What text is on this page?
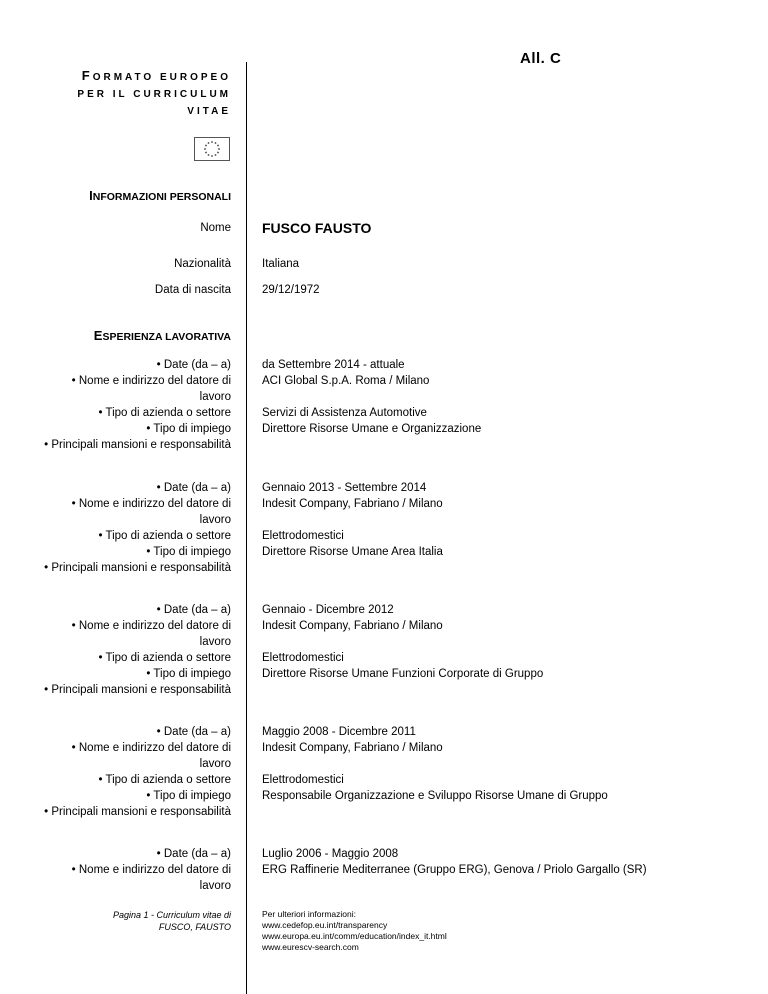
All. C
FORMATO EUROPEO
PER IL CURRICULUM
VITAE
INFORMAZIONI PERSONALI
Nome FUSCO FAUSTO
Nazionalità	Italiana
Data di nascita	29/12/1972
ESPERIENZA LAVORATIVA
• Date (da – a)
• Nome e indirizzo del datore di
lavoro
• Tipo di azienda o settore
• Tipo di impiego
• Principali mansioni e responsabilità
da Settembre 2014 - attuale
ACI Global S.p.A. Roma / Milano

Servizi di Assistenza Automotive
Direttore Risorse Umane e Organizzazione
• Date (da – a)
• Nome e indirizzo del datore di
lavoro
• Tipo di azienda o settore
• Tipo di impiego
• Principali mansioni e responsabilità
Gennaio 2013 - Settembre 2014
Indesit Company, Fabriano / Milano

Elettrodomestici
Direttore Risorse Umane Area Italia
• Date (da – a)
• Nome e indirizzo del datore di
lavoro
• Tipo di azienda o settore
• Tipo di impiego
• Principali mansioni e responsabilità
Gennaio - Dicembre 2012
Indesit Company, Fabriano / Milano

Elettrodomestici
Direttore Risorse Umane Funzioni Corporate di Gruppo
• Date (da – a)
• Nome e indirizzo del datore di
lavoro
• Tipo di azienda o settore
• Tipo di impiego
• Principali mansioni e responsabilità
Maggio 2008 - Dicembre 2011
Indesit Company, Fabriano / Milano

Elettrodomestici
Responsabile Organizzazione e Sviluppo Risorse Umane di Gruppo
• Date (da – a)
• Nome e indirizzo del datore di
lavoro
Luglio 2006 - Maggio 2008
ERG Raffinerie Mediterranee (Gruppo ERG), Genova / Priolo Gargallo (SR)
Pagina 1 - Curriculum vitae di
FUSCO, FAUSTO
Per ulteriori informazioni:
www.cedefop.eu.int/transparency
www.europa.eu.int/comm/education/index_it.html
www.eurescv-search.com
